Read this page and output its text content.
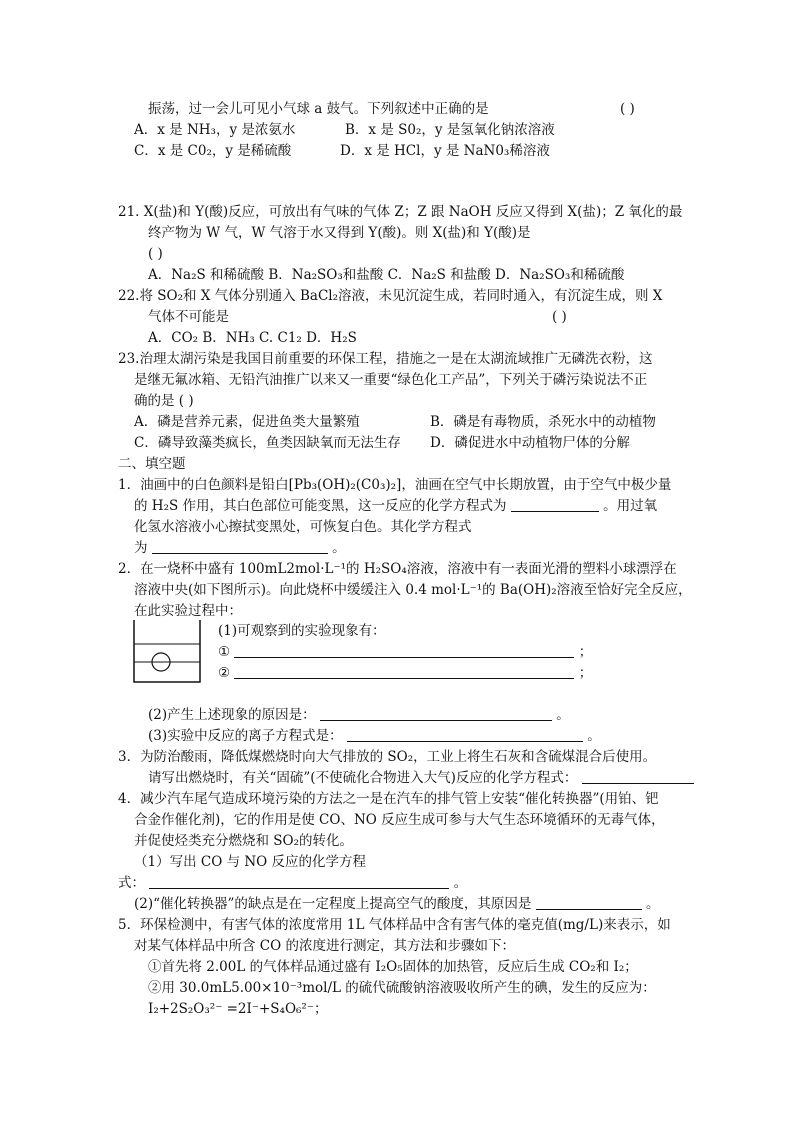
振荡，过一会儿可见小气球 a 鼓气。下列叙述中正确的是	( )
A．x 是 NH₃，y 是浓氨水	B．x 是 S0₂，y 是氢氧化钠浓溶液
C．x 是 C0₂，y 是稀硫酸	D．x 是 HCl，y 是 NaN0₃稀溶液
21. X(盐)和 Y(酸)反应，可放出有气味的气体 Z；Z 跟 NaOH 反应又得到 X(盐)；Z 氧化的最
终产物为 W 气，W 气溶于水又得到 Y(酸)。则 X(盐)和 Y(酸)是
( )
A．Na₂S 和稀硫酸 B．Na₂SO₃和盐酸 C．Na₂S 和盐酸 D．Na₂SO₃和稀硫酸
22.将 SO₂和 X 气体分别通入 BaCl₂溶液，未见沉淀生成，若同时通入，有沉淀生成，则 X
气体不可能是	( )
A．CO₂ B．NH₃ C. C1₂ D．H₂S
23.治理太湖污染是我国目前重要的环保工程，措施之一是在太湖流域推广无磷洗衣粉，这
是继无氟冰箱、无铅汽油推广以来又一重要“绿色化工产品”，下列关于磷污染说法不正
确的是 ( )
A．磷是营养元素，促进鱼类大量繁殖	B．磷是有毒物质，杀死水中的动植物
C．磷导致藻类疯长，鱼类因缺氧而无法生存 D．磷促进水中动植物尸体的分解
二、填空题
1．油画中的白色颜料是铅白[Pb₃(OH)₂(C0₃)₂]，油画在空气中长期放置，由于空气中极少量
的 H₂S 作用，其白色部位可能变黑，这一反应的化学方程式为	。用过氧
化氢水溶液小心擦拭变黑处，可恢复白色。其化学方程式
为	。
2．在一烧杯中盛有 100mL2mol·L⁻¹的 H₂SO₄溶液，溶液中有一表面光滑的塑料小球漂浮在
溶液中央(如下图所示)。向此烧杯中缓缓注入 0.4 mol·L⁻¹的 Ba(OH)₂溶液至恰好完全反应，
在此实验过程中：
(1)可观察到的实验现象有：
①	；
②	；
(2)产生上述现象的原因是：	。
(3)实验中反应的离子方程式是：	。
3．为防治酸雨，降低煤燃烧时向大气排放的 SO₂，工业上将生石灰和含硫煤混合后使用。
请写出燃烧时，有关“固硫”(不使硫化合物进入大气)反应的化学方程式：
4．减少汽车尾气造成环境污染的方法之一是在汽车的排气管上安装“催化转换器”(用铂、钯
合金作催化剂)，它的作用是使 CO、NO 反应生成可参与大气生态环境循环的无毒气体，
并促使烃类充分燃烧和 SO₂的转化。
（1）写出 CO 与 NO 反应的化学方程
式：	。
(2)“催化转换器”的缺点是在一定程度上提高空气的酸度，其原因是	。
5．环保检测中，有害气体的浓度常用 1L 气体样品中含有害气体的毫克值(mg/L)来表示，如
对某气体样品中所含 CO 的浓度进行测定，其方法和步骤如下：
①首先将 2.00L 的气体样品通过盛有 I₂O₅固体的加热管，反应后生成 CO₂和 I₂；
②用 30.0mL5.00×10⁻³mol/L 的硫代硫酸钠溶液吸收所产生的碘，发生的反应为：
I₂+2S₂O₃²⁻ =2I⁻+S₄O₆²⁻；
